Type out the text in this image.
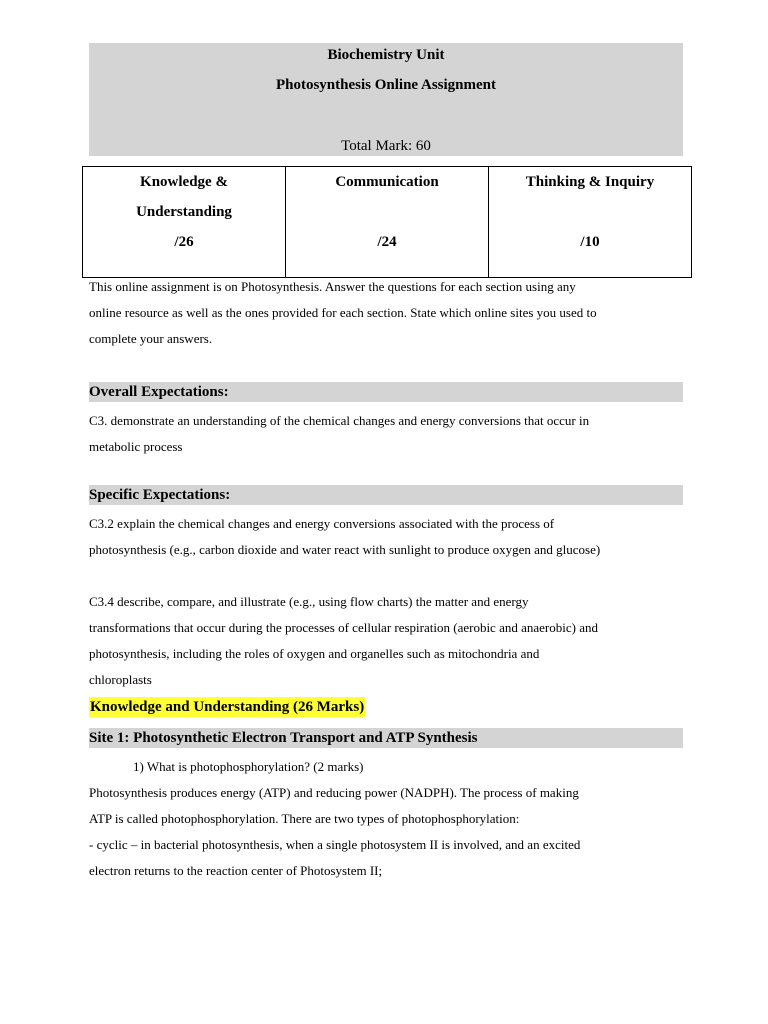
Biochemistry Unit
Photosynthesis Online Assignment
Total Mark: 60
Knowledge &
Understanding
/26
Communication
/24
Thinking & Inquiry
/10
This online assignment is on Photosynthesis. Answer the questions for each section using any
online resource as well as the ones provided for each section. State which online sites you used to
complete your answers.
Overall Expectations:
C3. demonstrate an understanding of the chemical changes and energy conversions that occur in
metabolic process
Specific Expectations:
C3.2 explain the chemical changes and energy conversions associated with the process of
photosynthesis (e.g., carbon dioxide and water react with sunlight to produce oxygen and glucose)
C3.4 describe, compare, and illustrate (e.g., using flow charts) the matter and energy
transformations that occur during the processes of cellular respiration (aerobic and anaerobic) and
photosynthesis, including the roles of oxygen and organelles such as mitochondria and
chloroplasts
Knowledge and Understanding (26 Marks)
Site 1: Photosynthetic Electron Transport and ATP Synthesis
1) What is photophosphorylation? (2 marks)
Photosynthesis produces energy (ATP) and reducing power (NADPH). The process of making
ATP is called photophosphorylation. There are two types of photophosphorylation:
- cyclic – in bacterial photosynthesis, when a single photosystem II is involved, and an excited
electron returns to the reaction center of Photosystem II;
